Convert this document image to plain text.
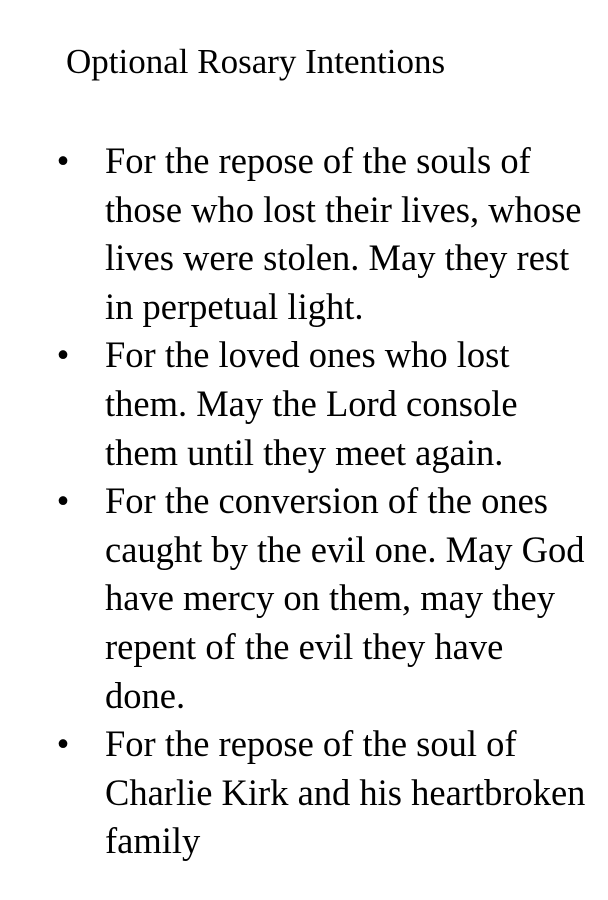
Optional Rosary Intentions
• For the repose of the souls of those who lost their lives, whose lives were stolen. May they rest in perpetual light.
• For the loved ones who lost them. May the Lord console them until they meet again.
• For the conversion of the ones caught by the evil one. May God have mercy on them, may they repent of the evil they have done.
• For the repose of the soul of Charlie Kirk and his heartbroken family
